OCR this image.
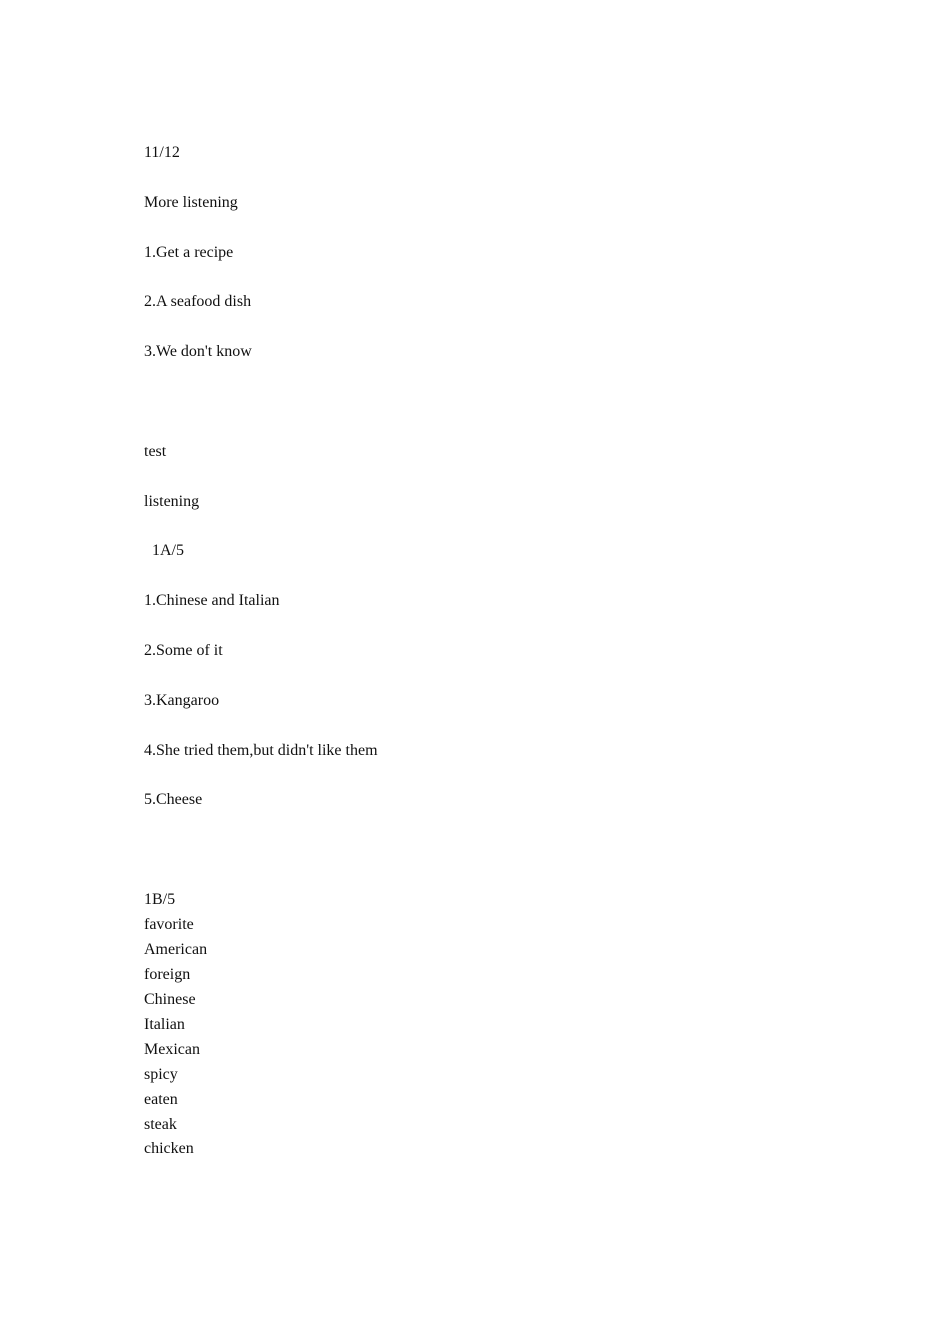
11/12
More listening
1.Get a recipe
2.A seafood dish
3.We don't know
test
listening
1A/5
1.Chinese and Italian
2.Some of it
3.Kangaroo
4.She tried them,but didn't like them
5.Cheese
1B/5
favorite
American
foreign
Chinese
Italian
Mexican
spicy
eaten
steak
chicken
